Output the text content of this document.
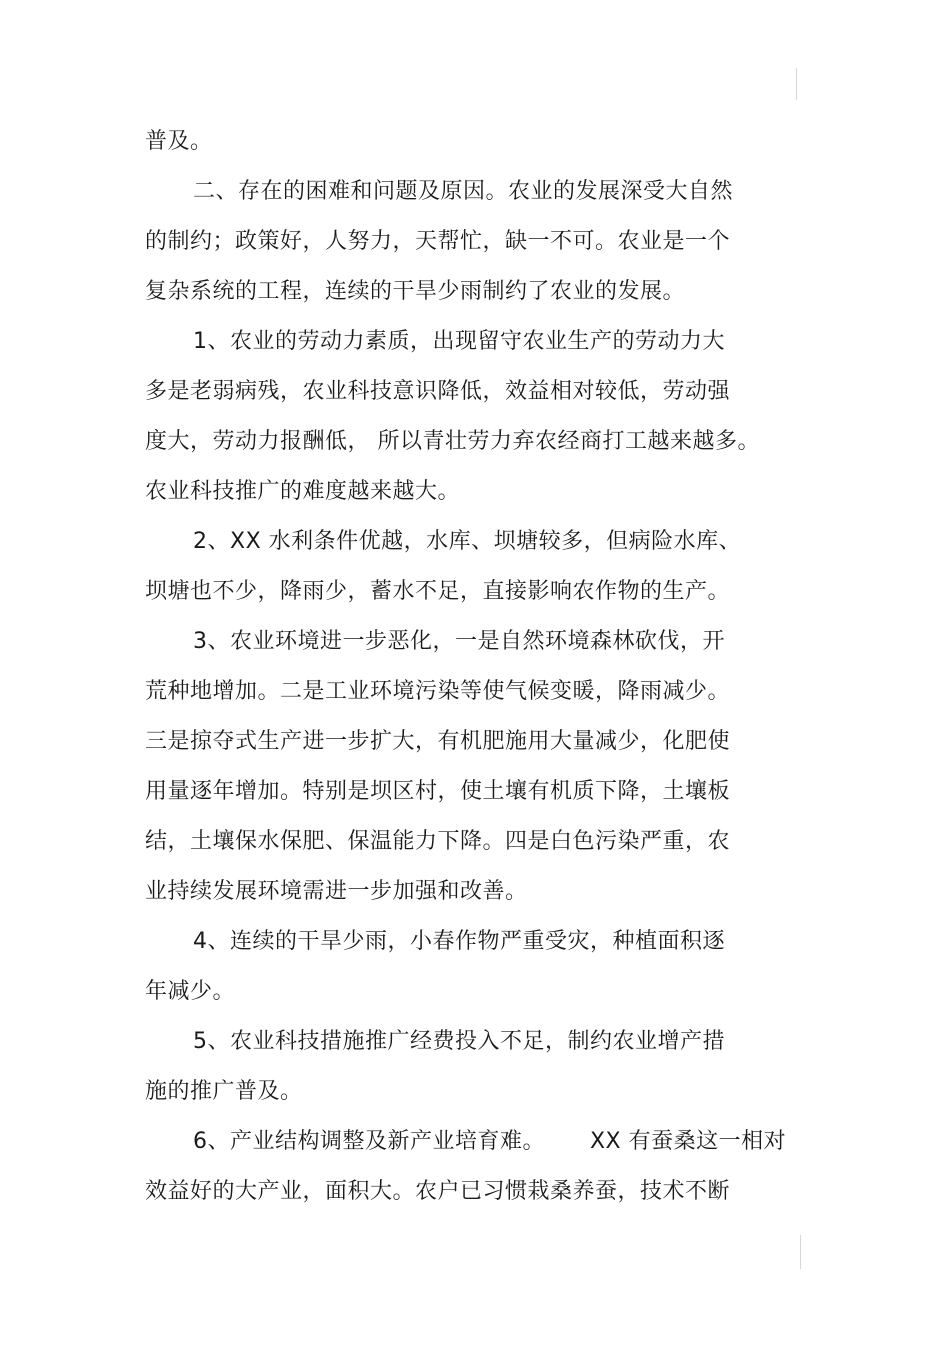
普及。
二、存在的困难和问题及原因。农业的发展深受大自然
的制约；政策好，人努力，天帮忙，缺一不可。农业是一个
复杂系统的工程，连续的干旱少雨制约了农业的发展。
1、农业的劳动力素质，出现留守农业生产的劳动力大
多是老弱病残，农业科技意识降低，效益相对较低，劳动强
度大，劳动力报酬低， 所以青壮劳力弃农经商打工越来越多。
农业科技推广的难度越来越大。
2、XX 水利条件优越，水库、坝塘较多，但病险水库、
坝塘也不少，降雨少，蓄水不足，直接影响农作物的生产。
3、农业环境进一步恶化，一是自然环境森林砍伐，开
荒种地增加。二是工业环境污染等使气候变暖，降雨减少。
三是掠夺式生产进一步扩大，有机肥施用大量减少，化肥使
用量逐年增加。特别是坝区村，使土壤有机质下降，土壤板
结，土壤保水保肥、保温能力下降。四是白色污染严重，农
业持续发展环境需进一步加强和改善。
4、连续的干旱少雨，小春作物严重受灾，种植面积逐
年减少。
5、农业科技措施推广经费投入不足，制约农业增产措
施的推广普及。
6、产业结构调整及新产业培育难。      XX 有蚕桑这一相对
效益好的大产业，面积大。农户已习惯栽桑养蚕，技术不断
